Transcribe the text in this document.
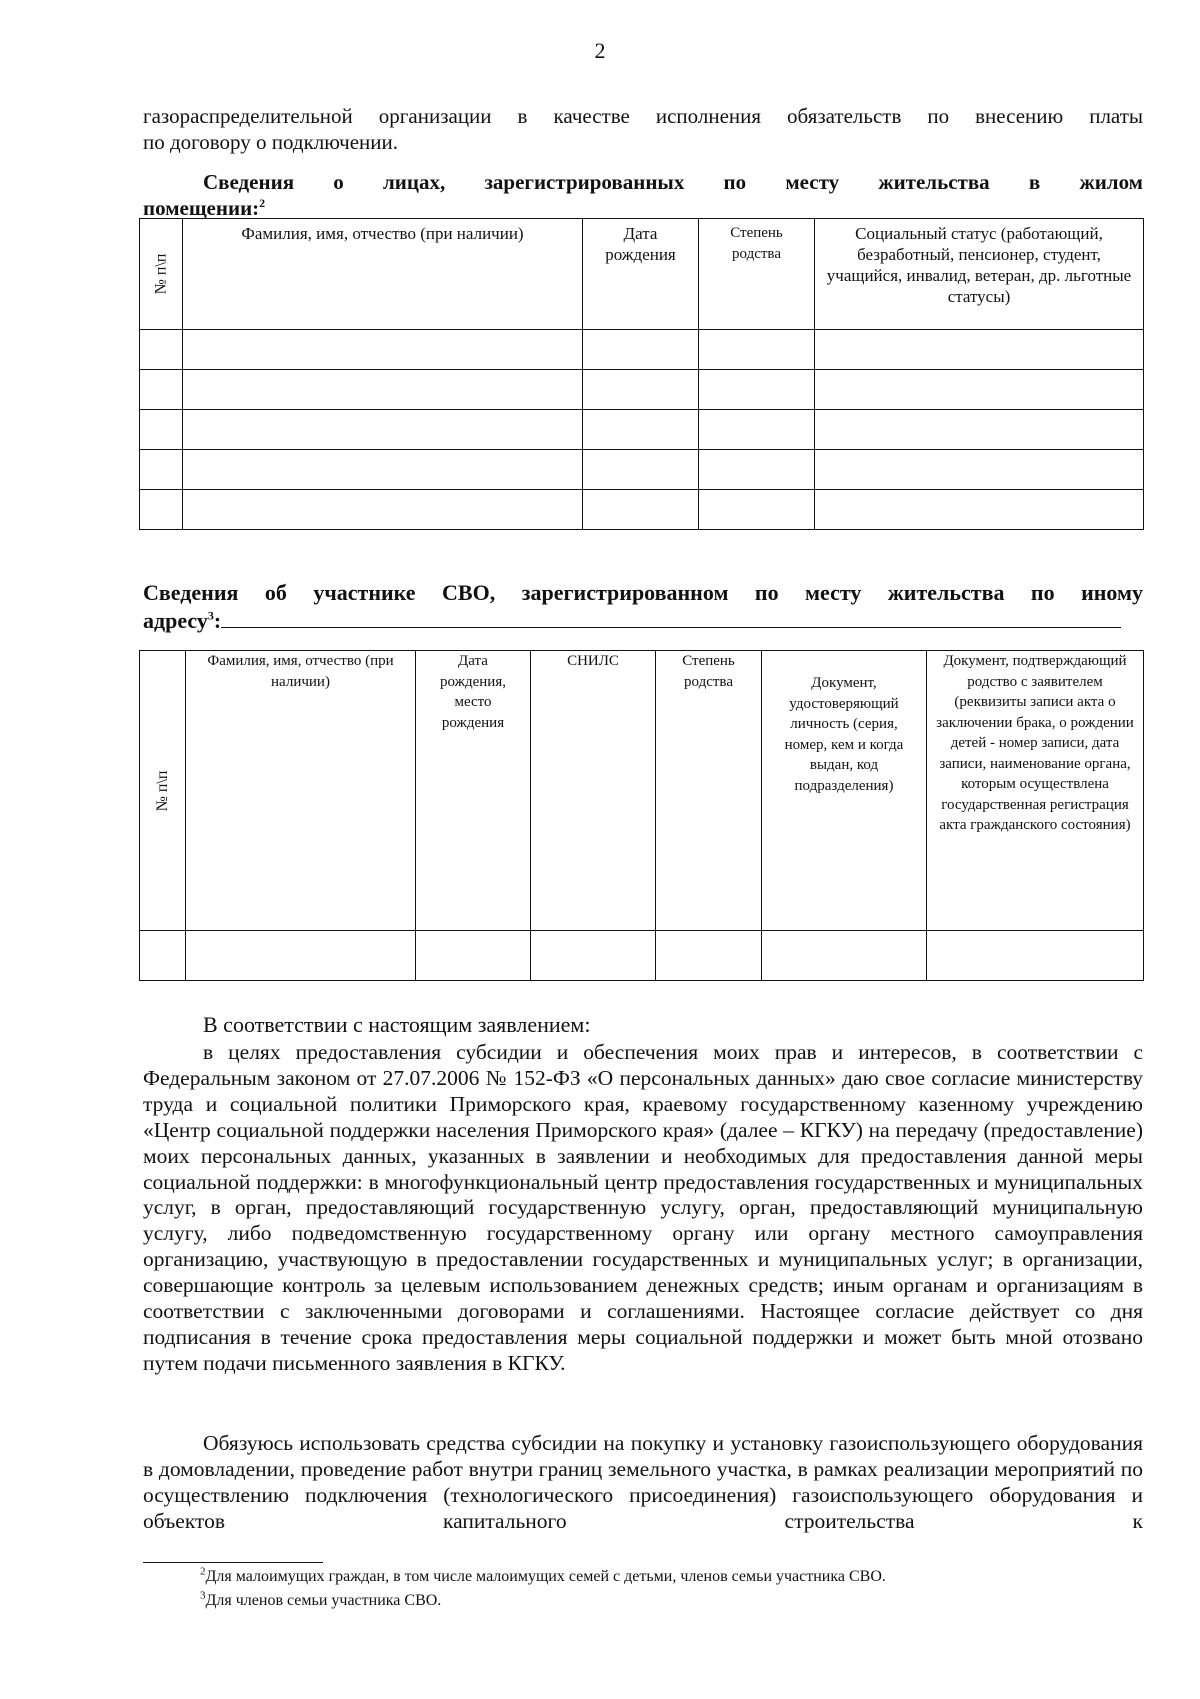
2
газораспределительной организации в качестве исполнения обязательств по внесению платы
по договору о подключении.
Сведения о лицах, зарегистрированных по месту жительства в жилом
помещении:$^2$
№ п\п	Фамилия, имя, отчество (при наличии)	Дата рождения	Степень родства	Социальный статус (работающий, безработный, пенсионер, студент, учащийся, инвалид, ветеран, др. льготные статусы)

Сведения об участнике СВО, зарегистрированном по месту жительства по иному
адресу$^3$:
№ п\п	Фамилия, имя, отчество (при наличии)	Дата рождения, место рождения	СНИЛС	Степень родства	Документ, удостоверяющий личность (серия, номер, кем и когда выдан, код подразделения)	Документ, подтверждающий родство с заявителем (реквизиты записи акта о заключении брака, о рождении детей - номер записи, дата записи, наименование органа, которым осуществлена государственная регистрация акта гражданского состояния)

В соответствии с настоящим заявлением:
в целях предоставления субсидии и обеспечения моих прав и интересов, в соответствии с Федеральным законом от 27.07.2006 № 152-ФЗ «О персональных данных» даю свое согласие министерству труда и социальной политики Приморского края, краевому государственному казенному учреждению «Центр социальной поддержки населения Приморского края» (далее – КГКУ) на передачу (предоставление) моих персональных данных, указанных в заявлении и необходимых для предоставления данной меры социальной поддержки: в многофункциональный центр предоставления государственных и муниципальных услуг, в орган, предоставляющий государственную услугу, орган, предоставляющий муниципальную услугу, либо подведомственную государственному органу или органу местного самоуправления организацию, участвующую в предоставлении государственных и муниципальных услуг; в организации, совершающие контроль за целевым использованием денежных средств; иным органам и организациям в соответствии с заключенными договорами и соглашениями. Настоящее согласие действует со дня подписания в течение срока предоставления меры социальной поддержки и может быть мной отозвано путем подачи письменного заявления в КГКУ.
Обязуюсь использовать средства субсидии на покупку и установку газоиспользующего оборудования в домовладении, проведение работ внутри границ земельного участка, в рамках реализации мероприятий по осуществлению подключения (технологического присоединения) газоиспользующего оборудования и объектов капитального строительства к
$^2$Для малоимущих граждан, в том числе малоимущих семей с детьми, членов семьи участника СВО.
$^3$Для членов семьи участника СВО.
